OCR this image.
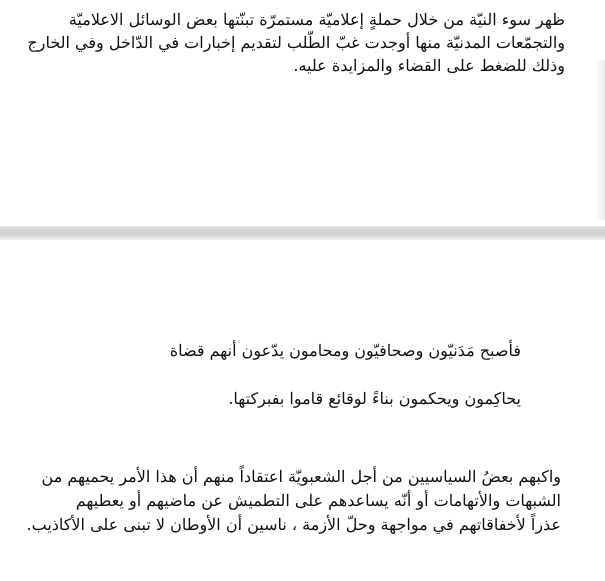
ظهر سوء النيّة من خلال حملةٍ إعلاميّة مستمرّة تبنّتها بعض الوسائل الاعلاميّة
والتجمّعات المدنيّة منها أوجدت غبّ الطّلب لتقديم إخبارات في الدّاخل وفي الخارج
وذلك للضغط على القضاء والمزايدة عليه.
فأصبح مَدَنيّون وصحافيّون ومحامون يدّعون أنهم قضاة
يحاكِمون ويحكمون بناءً لوقائع قاموا بفبركتها.
واكبهم بعضُ السياسيين من أجل الشعبويّة اعتقاداً منهم أن هذا الأمر يحميهم من
الشبهات والأتهامات أو أنّه يساعدهم على التطميش عن ماضيهم أو يعطيهم
عذراً لأخفاقاتهم في مواجهة وحلّ الأزمة ، ناسين أن الأوطان لا تبنى على الأكاذيب.
